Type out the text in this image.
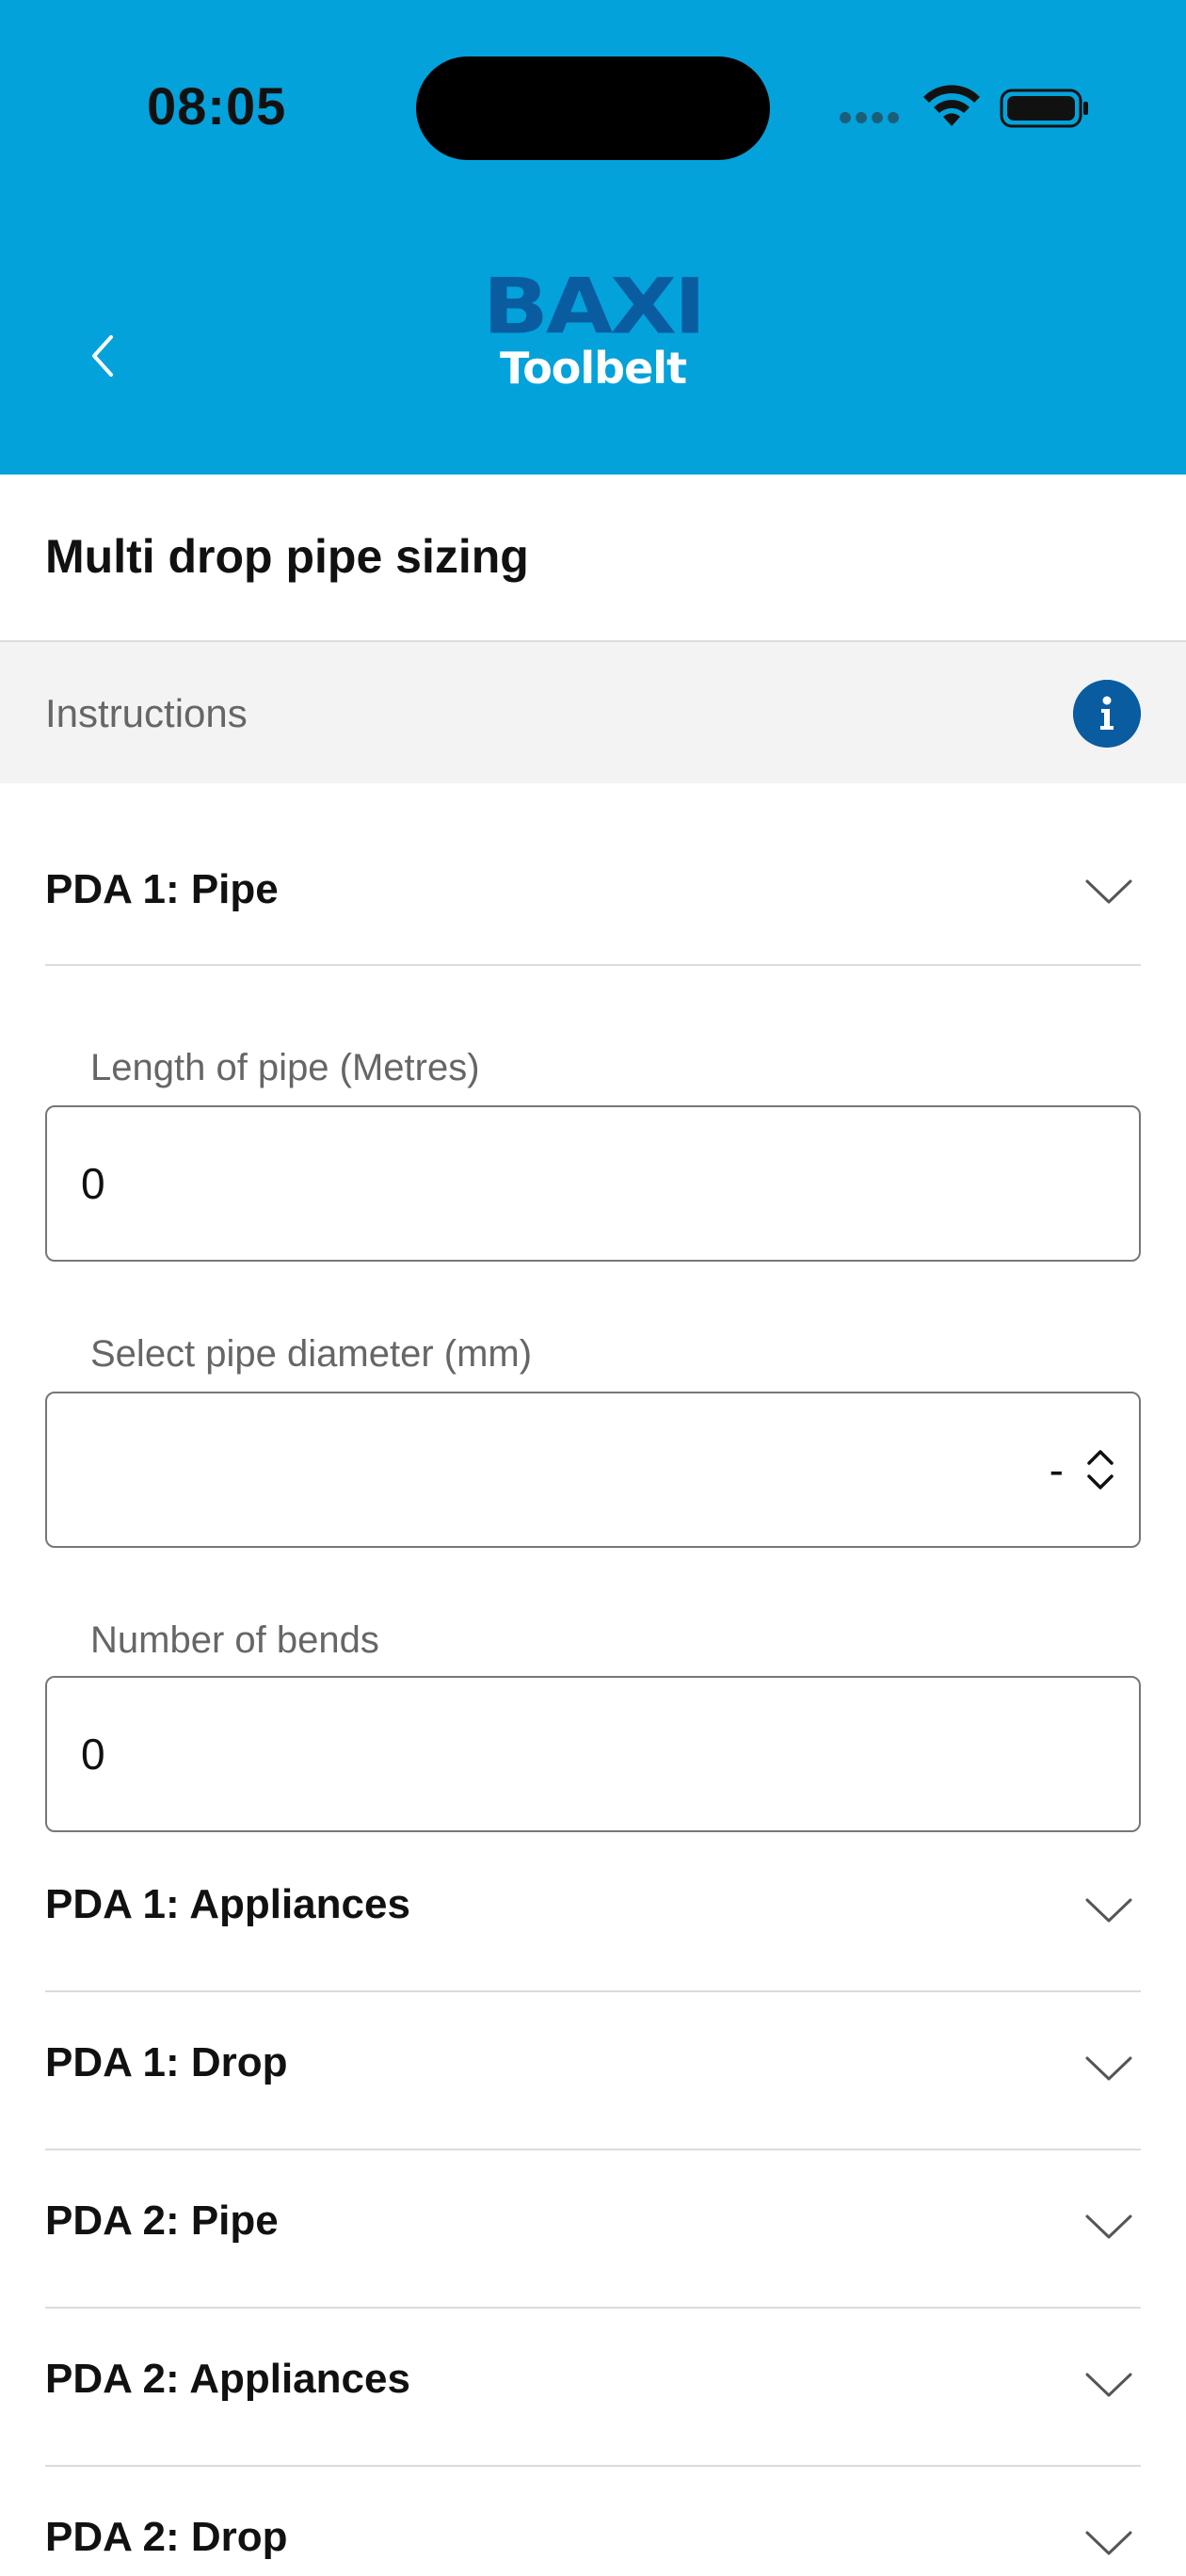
08:05
BAXI
Toolbelt
Multi drop pipe sizing
Instructions
PDA 1: Pipe
Length of pipe (Metres)
0
Select pipe diameter (mm)
-
Number of bends
0
PDA 1: Appliances
PDA 1: Drop
PDA 2: Pipe
PDA 2: Appliances
PDA 2: Drop
